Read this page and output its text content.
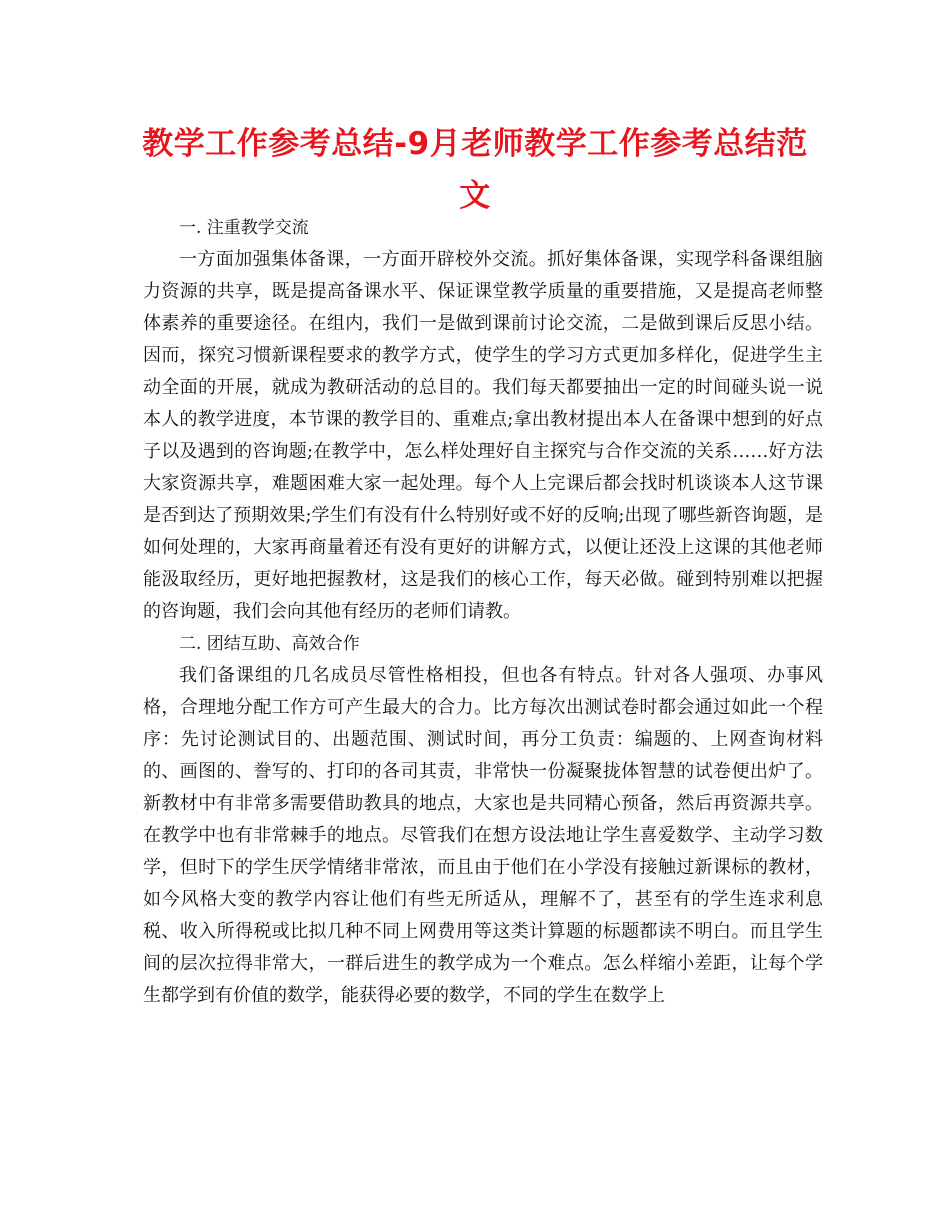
教学工作参考总结-9月老师教学工作参考总结范文
一. 注重教学交流

一方面加强集体备课，一方面开辟校外交流。抓好集体备课，实现学科备课组脑力资源的共享，既是提高备课水平、保证课堂教学质量的重要措施，又是提高老师整体素养的重要途径。在组内，我们一是做到课前讨论交流，二是做到课后反思小结。因而，探究习惯新课程要求的教学方式，使学生的学习方式更加多样化，促进学生主动全面的开展，就成为教研活动的总目的。我们每天都要抽出一定的时间碰头说一说本人的教学进度，本节课的教学目的、重难点;拿出教材提出本人在备课中想到的好点子以及遇到的咨询题;在教学中，怎么样处理好自主探究与合作交流的关系……好方法大家资源共享，难题困难大家一起处理。每个人上完课后都会找时机谈谈本人这节课是否到达了预期效果;学生们有没有什么特别好或不好的反响;出现了哪些新咨询题，是如何处理的，大家再商量着还有没有更好的讲解方式，以便让还没上这课的其他老师能汲取经历，更好地把握教材，这是我们的核心工作，每天必做。碰到特别难以把握的咨询题，我们会向其他有经历的老师们请教。

二. 团结互助、高效合作

我们备课组的几名成员尽管性格相投，但也各有特点。针对各人强项、办事风格，合理地分配工作方可产生最大的合力。比方每次出测试卷时都会通过如此一个程序：先讨论测试目的、出题范围、测试时间，再分工负责：编题的、上网查询材料的、画图的、誊写的、打印的各司其责，非常快一份凝聚拢体智慧的试卷便出炉了。新教材中有非常多需要借助教具的地点，大家也是共同精心预备，然后再资源共享。在教学中也有非常棘手的地点。尽管我们在想方设法地让学生喜爱数学、主动学习数学，但时下的学生厌学情绪非常浓，而且由于他们在小学没有接触过新课标的教材，如今风格大变的教学内容让他们有些无所适从，理解不了，甚至有的学生连求利息税、收入所得税或比拟几种不同上网费用等这类计算题的标题都读不明白。而且学生间的层次拉得非常大，一群后进生的教学成为一个难点。怎么样缩小差距，让每个学生都学到有价值的数学，能获得必要的数学，不同的学生在数学上
